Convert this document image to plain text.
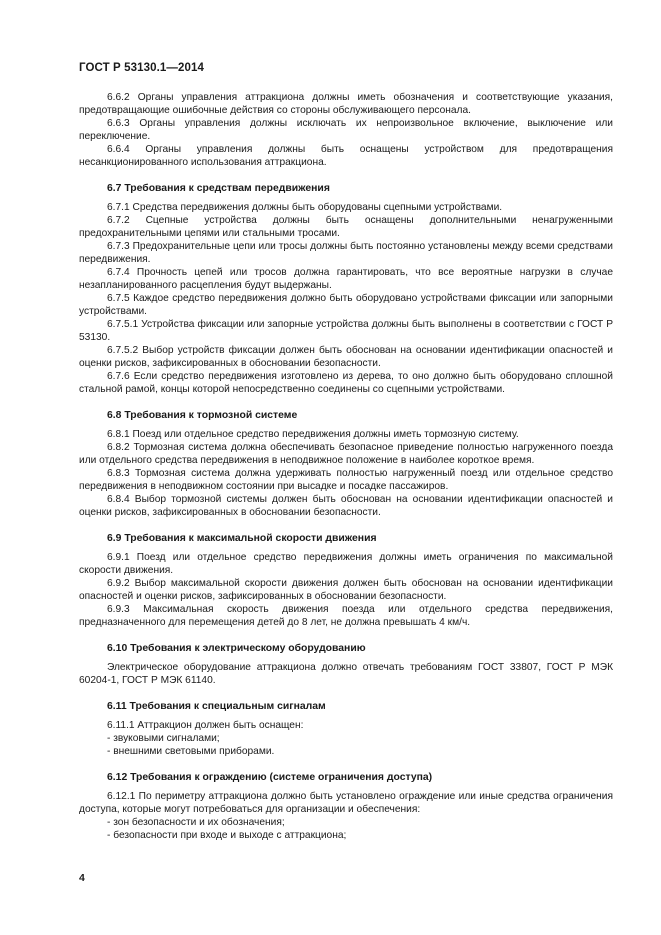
ГОСТ Р 53130.1—2014

6.6.2 Органы управления аттракциона должны иметь обозначения и соответствующие указания, предотвращающие ошибочные действия со стороны обслуживающего персонала.

6.6.3 Органы управления должны исключать их непроизвольное включение, выключение или переключение.

6.6.4 Органы управления должны быть оснащены устройством для предотвращения несанкционированного использования аттракциона.

6.7 Требования к средствам передвижения

6.7.1 Средства передвижения должны быть оборудованы сцепными устройствами.

6.7.2 Сцепные устройства должны быть оснащены дополнительными ненагруженными предохранительными цепями или стальными тросами.

6.7.3 Предохранительные цепи или тросы должны быть постоянно установлены между всеми средствами передвижения.

6.7.4 Прочность цепей или тросов должна гарантировать, что все вероятные нагрузки в случае незапланированного расцепления будут выдержаны.

6.7.5 Каждое средство передвижения должно быть оборудовано устройствами фиксации или запорными устройствами.

6.7.5.1 Устройства фиксации или запорные устройства должны быть выполнены в соответствии с ГОСТ Р 53130.

6.7.5.2 Выбор устройств фиксации должен быть обоснован на основании идентификации опасностей и оценки рисков, зафиксированных в обосновании безопасности.

6.7.6 Если средство передвижения изготовлено из дерева, то оно должно быть оборудовано сплошной стальной рамой, концы которой непосредственно соединены со сцепными устройствами.

6.8 Требования к тормозной системе

6.8.1 Поезд или отдельное средство передвижения должны иметь тормозную систему.

6.8.2 Тормозная система должна обеспечивать безопасное приведение полностью нагруженного поезда или отдельного средства передвижения в неподвижное положение в наиболее короткое время.

6.8.3 Тормозная система должна удерживать полностью нагруженный поезд или отдельное средство передвижения в неподвижном состоянии при высадке и посадке пассажиров.

6.8.4 Выбор тормозной системы должен быть обоснован на основании идентификации опасностей и оценки рисков, зафиксированных в обосновании безопасности.

6.9 Требования к максимальной скорости движения

6.9.1 Поезд или отдельное средство передвижения должны иметь ограничения по максимальной скорости движения.

6.9.2 Выбор максимальной скорости движения должен быть обоснован на основании идентификации опасностей и оценки рисков, зафиксированных в обосновании безопасности.

6.9.3 Максимальная скорость движения поезда или отдельного средства передвижения, предназначенного для перемещения детей до 8 лет, не должна превышать 4 км/ч.

6.10 Требования к электрическому оборудованию

Электрическое оборудование аттракциона должно отвечать требованиям ГОСТ 33807, ГОСТ Р МЭК 60204-1, ГОСТ Р МЭК 61140.

6.11 Требования к специальным сигналам

6.11.1 Аттракцион должен быть оснащен:

- звуковыми сигналами;

- внешними световыми приборами.

6.12 Требования к ограждению (системе ограничения доступа)

6.12.1 По периметру аттракциона должно быть установлено ограждение или иные средства ограничения доступа, которые могут потребоваться для организации и обеспечения:

- зон безопасности и их обозначения;

- безопасности при входе и выходе с аттракциона;

4
